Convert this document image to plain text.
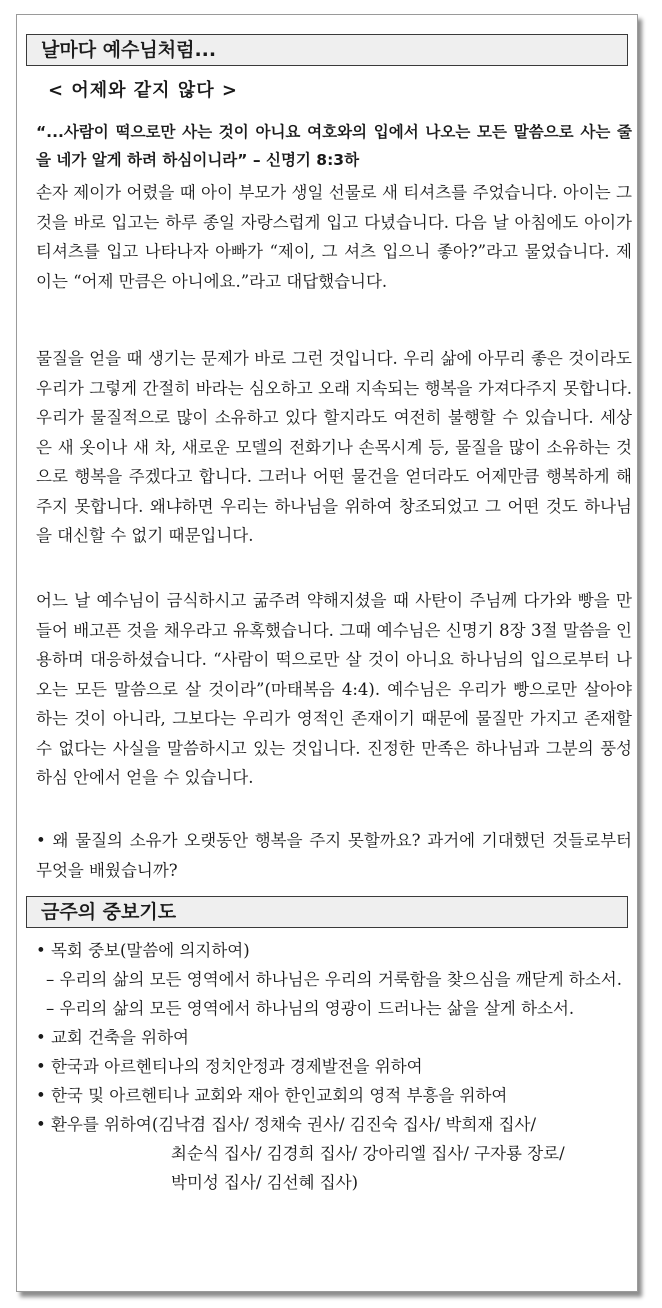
날마다 예수님처럼...
< 어제와 같지 않다 >
“...사람이 떡으로만 사는 것이 아니요 여호와의 입에서 나오는 모든 말씀으로 사는 줄을 네가 알게 하려 하심이니라” – 신명기 8:3하
손자 제이가 어렸을 때 아이 부모가 생일 선물로 새 티셔츠를 주었습니다. 아이는 그것을 바로 입고는 하루 종일 자랑스럽게 입고 다녔습니다. 다음 날 아침에도 아이가 티셔츠를 입고 나타나자 아빠가 “제이, 그 셔츠 입으니 좋아?”라고 물었습니다. 제이는 “어제 만큼은 아니에요.”라고 대답했습니다.
물질을 얻을 때 생기는 문제가 바로 그런 것입니다. 우리 삶에 아무리 좋은 것이라도 우리가 그렇게 간절히 바라는 심오하고 오래 지속되는 행복을 가져다주지 못합니다. 우리가 물질적으로 많이 소유하고 있다 할지라도 여전히 불행할 수 있습니다. 세상은 새 옷이나 새 차, 새로운 모델의 전화기나 손목시계 등, 물질을 많이 소유하는 것으로 행복을 주겠다고 합니다. 그러나 어떤 물건을 얻더라도 어제만큼 행복하게 해 주지 못합니다. 왜냐하면 우리는 하나님을 위하여 창조되었고 그 어떤 것도 하나님을 대신할 수 없기 때문입니다.
어느 날 예수님이 금식하시고 굶주려 약해지셨을 때 사탄이 주님께 다가와 빵을 만들어 배고픈 것을 채우라고 유혹했습니다. 그때 예수님은 신명기 8장 3절 말씀을 인용하며 대응하셨습니다. “사람이 떡으로만 살 것이 아니요 하나님의 입으로부터 나오는 모든 말씀으로 살 것이라”(마태복음 4:4). 예수님은 우리가 빵으로만 살아야 하는 것이 아니라, 그보다는 우리가 영적인 존재이기 때문에 물질만 가지고 존재할 수 없다는 사실을 말씀하시고 있는 것입니다. 진정한 만족은 하나님과 그분의 풍성하심 안에서 얻을 수 있습니다.
• 왜 물질의 소유가 오랫동안 행복을 주지 못할까요? 과거에 기대했던 것들로부터 무엇을 배웠습니까?
금주의 중보기도
• 목회 중보(말씀에 의지하여)
– 우리의 삶의 모든 영역에서 하나님은 우리의 거룩함을 찾으심을 깨닫게 하소서.
– 우리의 삶의 모든 영역에서 하나님의 영광이 드러나는 삶을 살게 하소서.
• 교회 건축을 위하여
• 한국과 아르헨티나의 정치안정과 경제발전을 위하여
• 한국 및 아르헨티나 교회와 재아 한인교회의 영적 부흥을 위하여
• 환우를 위하여(김낙겸 집사/ 정채숙 권사/ 김진숙 집사/ 박희재 집사/
최순식 집사/ 김경희 집사/ 강아리엘 집사/ 구자룡 장로/
박미성 집사/ 김선혜 집사)
